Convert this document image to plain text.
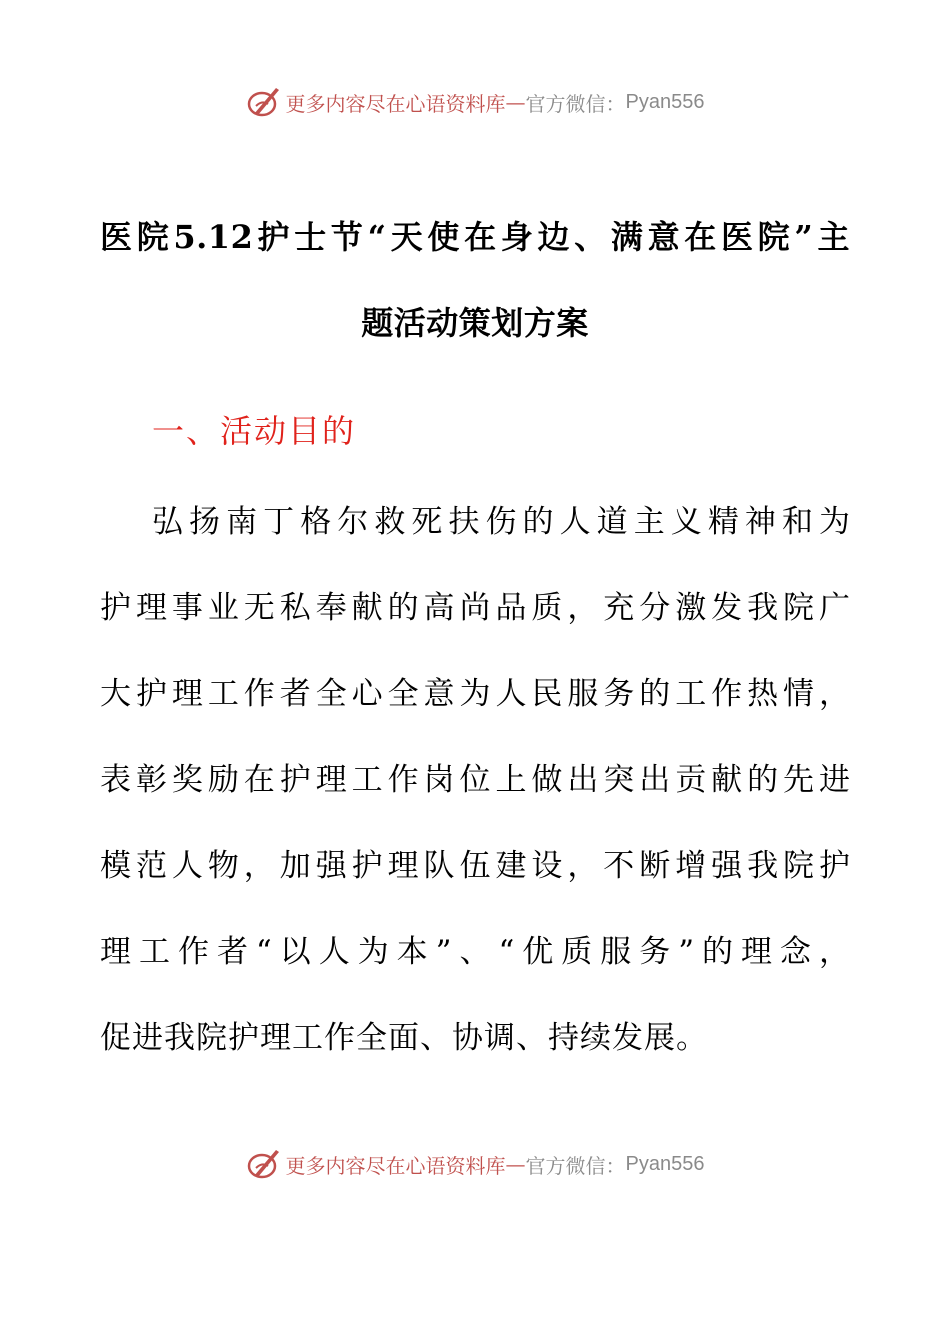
更多内容尽在心语资料库 — 官方微信： Pyan556
医院5.12护士节“天使在身边、满意在医院”主
题活动策划方案
一、活动目的
弘扬南丁格尔救死扶伤的人道主义精神和为
护理事业无私奉献的高尚品质，充分激发我院广
大护理工作者全心全意为人民服务的工作热情，
表彰奖励在护理工作岗位上做出突出贡献的先进
模范人物，加强护理队伍建设，不断增强我院护
理工作者“以人为本”、“优质服务”的理念，
促进我院护理工作全面、协调、持续发展。
更多内容尽在心语资料库 — 官方微信： Pyan556
